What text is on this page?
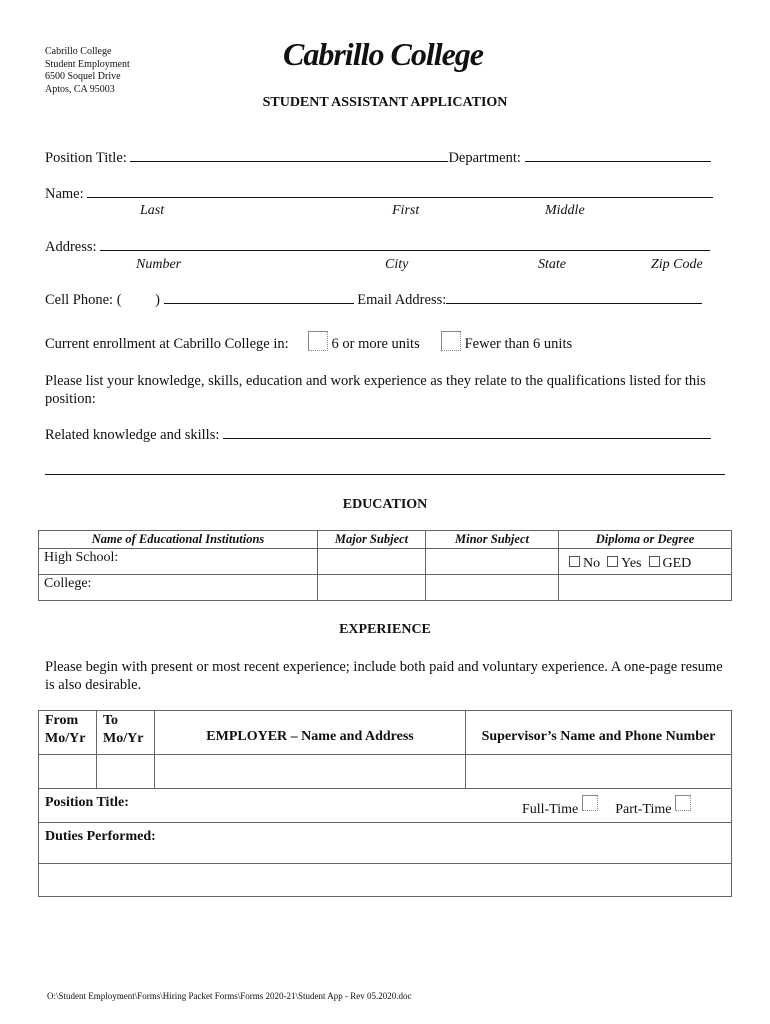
Cabrillo College
Student Employment
6500 Soquel Drive
Aptos, CA 95003
Cabrillo College
STUDENT ASSISTANT APPLICATION
Position Title:	Department:
Name:
Last	First	Middle
Address:
Number	City	State	Zip Code
Cell Phone: ( )	Email Address:
Current enrollment at Cabrillo College in:	6 or more units	Fewer than 6 units
Please list your knowledge, skills, education and work experience as they relate to the qualifications listed for this position:
Related knowledge and skills:
EDUCATION
Name of Educational Institutions	Major Subject	Minor Subject	Diploma or Degree
High School:			No Yes GED
College:			
EXPERIENCE
Please begin with present or most recent experience; include both paid and voluntary experience. A one-page resume is also desirable.
From Mo/Yr	To Mo/Yr	EMPLOYER – Name and Address	Supervisor’s Name and Phone Number

Position Title: Full-Time Part-Time			

Duties Performed:			

O:\Student Employment\Forms\Hiring Packet Forms\Forms 2020-21\Student App - Rev 05.2020.doc
